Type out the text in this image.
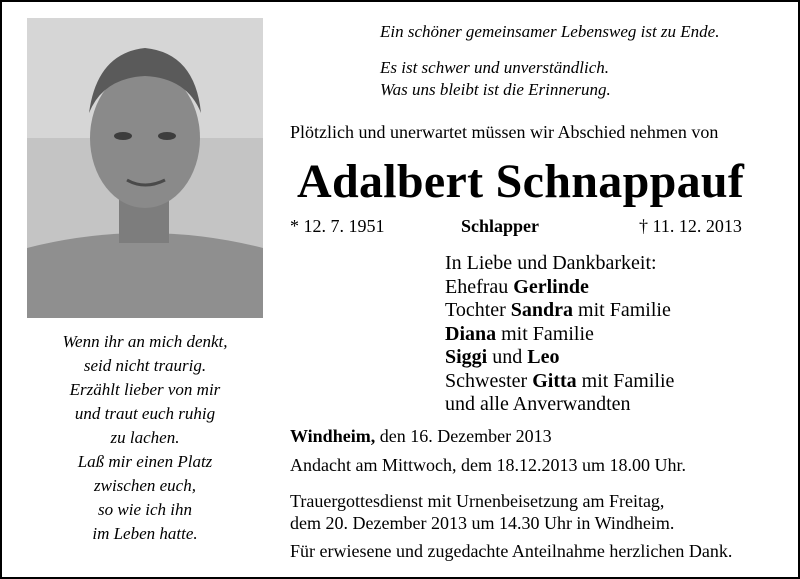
Wenn ihr an mich denkt,
seid nicht traurig.
Erzählt lieber von mir
und traut euch ruhig
zu lachen.
Laß mir einen Platz
zwischen euch,
so wie ich ihn
im Leben hatte.
Ein schöner gemeinsamer Lebensweg ist zu Ende.
Es ist schwer und unverständlich.
Was uns bleibt ist die Erinnerung.
Plötzlich und unerwartet müssen wir Abschied nehmen von
Adalbert Schnappauf
* 12. 7. 1951	Schlapper	† 11. 12. 2013
In Liebe und Dankbarkeit:
Ehefrau Gerlinde
Tochter Sandra mit Familie
Diana mit Familie
Siggi und Leo
Schwester Gitta mit Familie
und alle Anverwandten
Windheim, den 16. Dezember 2013
Andacht am Mittwoch, dem 18.12.2013 um 18.00 Uhr.
Trauergottesdienst mit Urnenbeisetzung am Freitag,
dem 20. Dezember 2013 um 14.30 Uhr in Windheim.
Für erwiesene und zugedachte Anteilnahme herzlichen Dank.
